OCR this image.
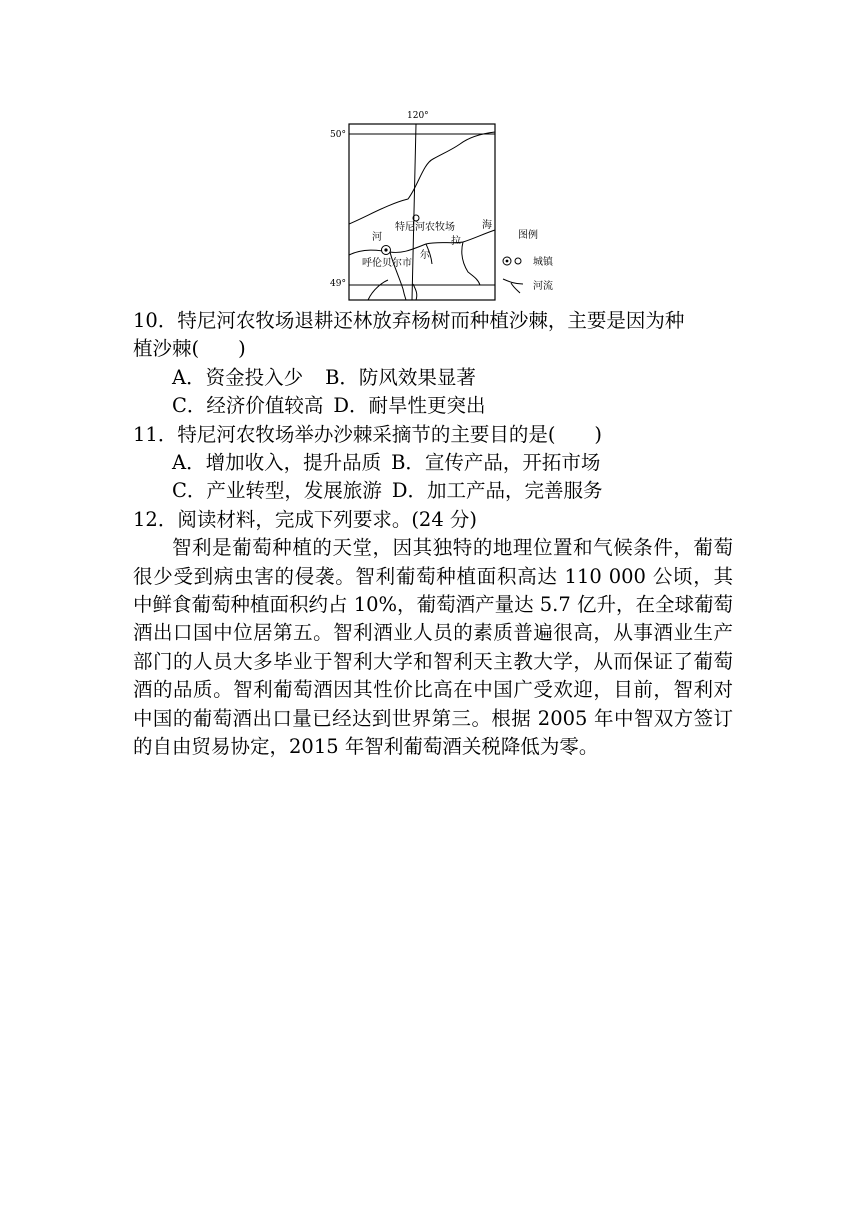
120°
50°
49°
特尼河农牧场
呼伦贝尔市
河
尔
拉
海
图例
城镇
河流
10．特尼河农牧场退耕还林放弃杨树而种植沙棘，主要是因为种
植沙棘(　　)
A．资金投入少 B．防风效果显著
C．经济价值较高 D．耐旱性更突出
11．特尼河农牧场举办沙棘采摘节的主要目的是(　　)
A．增加收入，提升品质 B．宣传产品，开拓市场
C．产业转型，发展旅游 D．加工产品，完善服务
12．阅读材料，完成下列要求。(24 分)

智利是葡萄种植的天堂，因其独特的地理位置和气候条件，葡萄很少受到病虫害的侵袭。智利葡萄种植面积高达 110 000 公顷，其中鲜食葡萄种植面积约占 10%，葡萄酒产量达 5.7 亿升，在全球葡萄酒出口国中位居第五。智利酒业人员的素质普遍很高，从事酒业生产部门的人员大多毕业于智利大学和智利天主教大学，从而保证了葡萄酒的品质。智利葡萄酒因其性价比高在中国广受欢迎，目前，智利对中国的葡萄酒出口量已经达到世界第三。根据 2005 年中智双方签订的自由贸易协定，2015 年智利葡萄酒关税降低为零。
